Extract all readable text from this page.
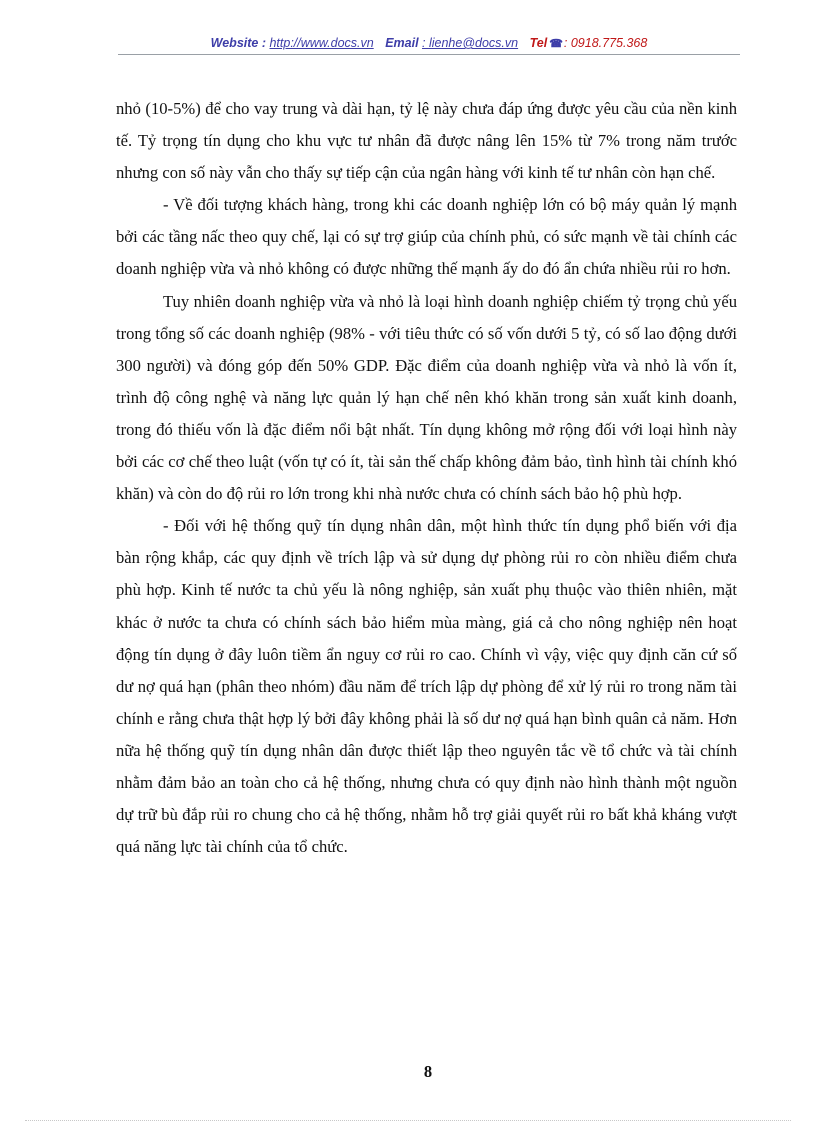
Website : http://www.docs.vn Email : lienhe@docs.vn Tel ☎: 0918.775.368

nhỏ (10-5%) để cho vay trung và dài hạn, tỷ lệ này chưa đáp ứng được yêu cầu của nền kinh tế. Tỷ trọng tín dụng cho khu vực tư nhân đã được nâng lên 15% từ 7% trong năm trước nhưng con số này vẫn cho thấy sự tiếp cận của ngân hàng với kinh tế tư nhân còn hạn chế.

- Về đối tượng khách hàng, trong khi các doanh nghiệp lớn có bộ máy quản lý mạnh bởi các tầng nấc theo quy chế, lại có sự trợ giúp của chính phủ, có sức mạnh về tài chính các doanh nghiệp vừa và nhỏ không có được những thế mạnh ấy do đó ẩn chứa nhiều rủi ro hơn.

Tuy nhiên doanh nghiệp vừa và nhỏ là loại hình doanh nghiệp chiếm tỷ trọng chủ yếu trong tổng số các doanh nghiệp (98% - với tiêu thức có số vốn dưới 5 tỷ, có số lao động dưới 300 người) và đóng góp đến 50% GDP. Đặc điểm của doanh nghiệp vừa và nhỏ là vốn ít, trình độ công nghệ và năng lực quản lý hạn chế nên khó khăn trong sản xuất kinh doanh, trong đó thiếu vốn là đặc điểm nổi bật nhất. Tín dụng không mở rộng đối với loại hình này bởi các cơ chế theo luật (vốn tự có ít, tài sản thế chấp không đảm bảo, tình hình tài chính khó khăn) và còn do độ rủi ro lớn trong khi nhà nước chưa có chính sách bảo hộ phù hợp.

- Đối với hệ thống quỹ tín dụng nhân dân, một hình thức tín dụng phổ biến với địa bàn rộng khắp, các quy định về trích lập và sử dụng dự phòng rủi ro còn nhiều điểm chưa phù hợp. Kinh tế nước ta chủ yếu là nông nghiệp, sản xuất phụ thuộc vào thiên nhiên, mặt khác ở nước ta chưa có chính sách bảo hiểm mùa màng, giá cả cho nông nghiệp nên hoạt động tín dụng ở đây luôn tiềm ẩn nguy cơ rủi ro cao. Chính vì vậy, việc quy định căn cứ số dư nợ quá hạn (phân theo nhóm) đầu năm để trích lập dự phòng để xử lý rủi ro trong năm tài chính e rằng chưa thật hợp lý bởi đây không phải là số dư nợ quá hạn bình quân cả năm. Hơn nữa hệ thống quỹ tín dụng nhân dân được thiết lập theo nguyên tắc về tổ chức và tài chính nhằm đảm bảo an toàn cho cả hệ thống, nhưng chưa có quy định nào hình thành một nguồn dự trữ bù đắp rủi ro chung cho cả hệ thống, nhằm hỗ trợ giải quyết rủi ro bất khả kháng vượt quá năng lực tài chính của tổ chức.

8
